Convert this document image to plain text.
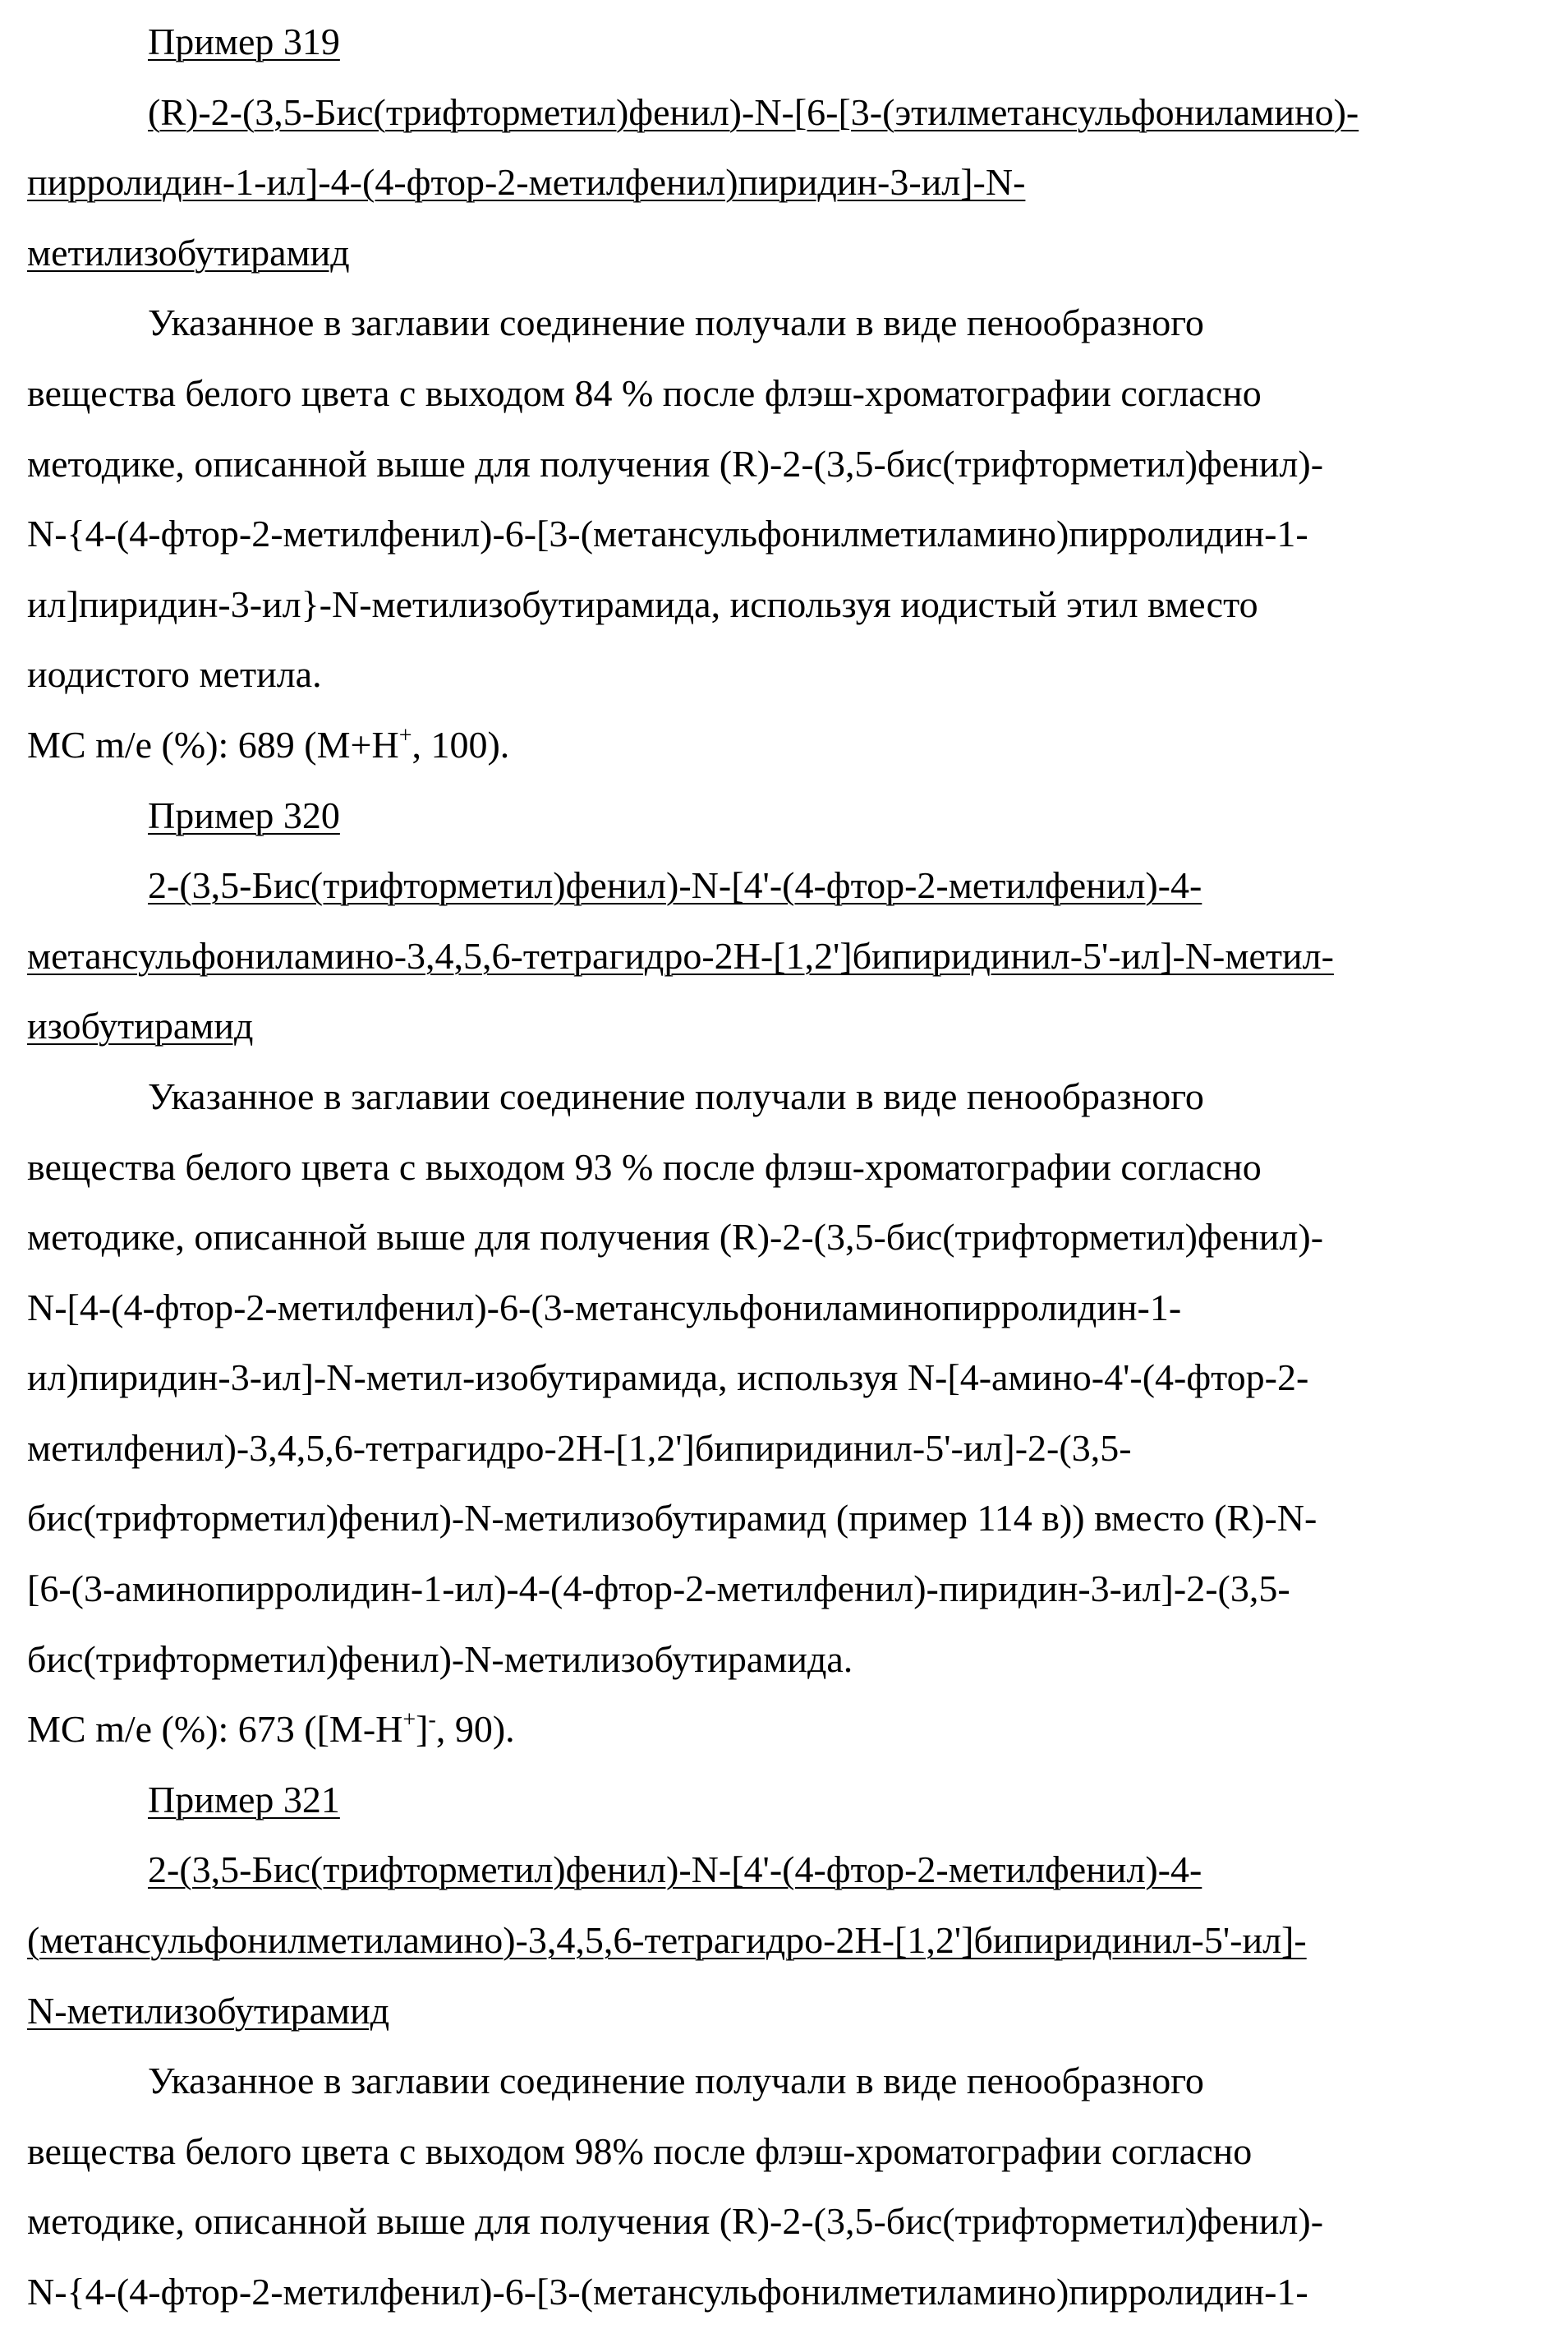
Пример 319
(R)-2-(3,5-Бис(трифторметил)фенил)-N-[6-[3-(этилметансульфониламино)-
пирролидин-1-ил]-4-(4-фтор-2-метилфенил)пиридин-3-ил]-N-
метилизобутирамид
Указанное в заглавии соединение получали в виде пенообразного
вещества белого цвета с выходом 84 % после флэш-хроматографии согласно
методике, описанной выше для получения (R)-2-(3,5-бис(трифторметил)фенил)-
N-{4-(4-фтор-2-метилфенил)-6-[3-(метансульфонилметиламино)пирролидин-1-
ил]пиридин-3-ил}-N-метилизобутирамида, используя иодистый этил вместо
иодистого метила.
MC m/e (%): 689 (M+H+, 100).
Пример 320
2-(3,5-Бис(трифторметил)фенил)-N-[4'-(4-фтор-2-метилфенил)-4-
метансульфониламино-3,4,5,6-тетрагидро-2H-[1,2']бипиридинил-5'-ил]-N-метил-
изобутирамид
Указанное в заглавии соединение получали в виде пенообразного
вещества белого цвета с выходом 93 % после флэш-хроматографии согласно
методике, описанной выше для получения (R)-2-(3,5-бис(трифторметил)фенил)-
N-[4-(4-фтор-2-метилфенил)-6-(3-метансульфониламинопирролидин-1-
ил)пиридин-3-ил]-N-метил-изобутирамида, используя N-[4-амино-4'-(4-фтор-2-
метилфенил)-3,4,5,6-тетрагидро-2H-[1,2']бипиридинил-5'-ил]-2-(3,5-
бис(трифторметил)фенил)-N-метилизобутирамид (пример 114 в)) вместо (R)-N-
[6-(3-аминопирролидин-1-ил)-4-(4-фтор-2-метилфенил)-пиридин-3-ил]-2-(3,5-
бис(трифторметил)фенил)-N-метилизобутирамида.
MC m/e (%): 673 ([M-H+]-, 90).
Пример 321
2-(3,5-Бис(трифторметил)фенил)-N-[4'-(4-фтор-2-метилфенил)-4-
(метансульфонилметиламино)-3,4,5,6-тетрагидро-2H-[1,2']бипиридинил-5'-ил]-
N-метилизобутирамид
Указанное в заглавии соединение получали в виде пенообразного
вещества белого цвета с выходом 98% после флэш-хроматографии согласно
методике, описанной выше для получения (R)-2-(3,5-бис(трифторметил)фенил)-
N-{4-(4-фтор-2-метилфенил)-6-[3-(метансульфонилметиламино)пирролидин-1-
